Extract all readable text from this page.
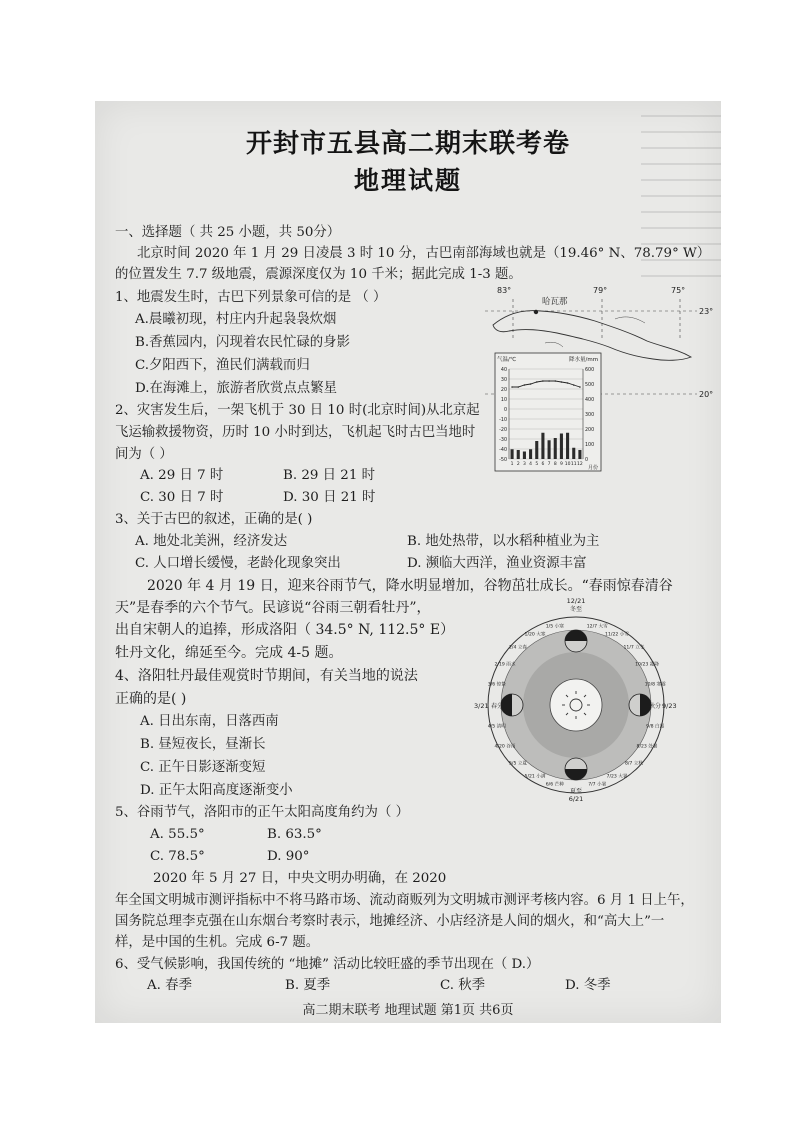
开封市五县高二期末联考卷
地理试题
一、选择题（ 共 25 小题，共 50分）
北京时间 2020 年 1 月 29 日凌晨 3 时 10 分，古巴南部海域也就是（19.46° N、78.79° W）
的位置发生 7.7 级地震，震源深度仅为 10 千米；据此完成 1-3 题。
1、地震发生时，古巴下列景象可信的是 （ ）
A.晨曦初现，村庄内升起袅袅炊烟
B.香蕉园内，闪现着农民忙碌的身影
C.夕阳西下，渔民们满载而归
D.在海滩上，旅游者欣赏点点繁星
2、灾害发生后，一架飞机于 30 日 10 时(北京时间)从北京起
飞运输救援物资，历时 10 小时到达，飞机起飞时古巴当地时
间为（ ）
A. 29 日 7 时	B. 29 日 21 时
C. 30 日 7 时	D. 30 日 21 时
3、关于古巴的叙述，正确的是( )
A. 地处北美洲，经济发达	B. 地处热带，以水稻种植业为主
C. 人口增长缓慢，老龄化现象突出	D. 濒临大西洋，渔业资源丰富
2020 年 4 月 19 日，迎来谷雨节气，降水明显增加，谷物茁壮成长。“春雨惊春清谷
天”是春季的六个节气。民谚说“谷雨三朝看牡丹”，
出自宋朝人的追捧，形成洛阳（ 34.5° N, 112.5° E）
牡丹文化，绵延至今。完成 4-5 题。
4、洛阳牡丹最佳观赏时节期间，有关当地的说法
正确的是( )
A. 日出东南，日落西南
B. 昼短夜长，昼渐长
C. 正午日影逐渐变短
D. 正午太阳高度逐渐变小
5、谷雨节气，洛阳市的正午太阳高度角约为（ ）
A. 55.5°	B. 63.5°
C. 78.5°	D. 90°
2020 年 5 月 27 日，中央文明办明确，在 2020
年全国文明城市测评指标中不将马路市场、流动商贩列为文明城市测评考核内容。6 月 1 日上午，
国务院总理李克强在山东烟台考察时表示，地摊经济、小店经济是人间的烟火，和“高大上”一
样，是中国的生机。完成 6-7 题。
6、受气候影响，我国传统的 “地摊” 活动比较旺盛的季节出现在（ D.）
A. 春季	B. 夏季	C. 秋季	D. 冬季
高二期末联考 地理试题 第1页 共6页
哈瓦那
83°	79°	75°
23°
20°
气温/℃	降水量/mm
40
30
20
10
0
-10
-20
-30
-40
-50
600
500
400
300
200
100
0
1 2 3 4 5 6 7 8 9 10 11 12
月份
12/21
冬至
6/21
夏至
3/21 春分	秋分 9/23
1/5 小寒
1/20 大寒
2/4 立春
2/19 雨水
3/6 惊蛰
4/5 清明
4/20 谷雨
5/5 立夏
5/21 小满
6/6 芒种	7/7 小暑
7/23 大暑
8/7 立秋
8/23 处暑
9/8 白露
10/8 寒露
10/23 霜降
11/7 立冬
11/22 小雪
12/7 大雪
